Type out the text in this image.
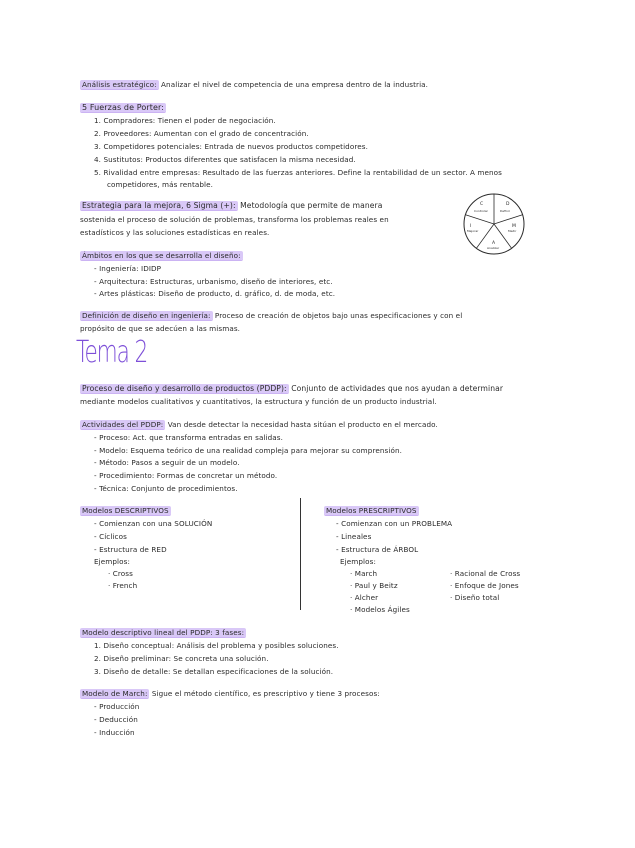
Análisis estratégico: Analizar el nivel de competencia de una empresa dentro de la industria.
5 Fuerzas de Porter:
1. Compradores: Tienen el poder de negociación.
2. Proveedores: Aumentan con el grado de concentración.
3. Competidores potenciales: Entrada de nuevos productos competidores.
4. Sustitutos: Productos diferentes que satisfacen la misma necesidad.
5. Rivalidad entre empresas: Resultado de las fuerzas anteriores. Define la rentabilidad de un sector. A menos
competidores, más rentable.
Estrategia para la mejora, 6 Sigma (+): Metodología que permite de manera
sostenida el proceso de solución de problemas, transforma los problemas reales en
estadísticos y las soluciones estadísticas en reales.
D
Definir
M
Medir
A
Analizar
I
Mejorar
C
Controlar
Ámbitos en los que se desarrolla el diseño:
- Ingeniería: IDIDP
- Arquitectura: Estructuras, urbanismo, diseño de interiores, etc.
- Artes plásticas: Diseño de producto, d. gráfico, d. de moda, etc.
Definición de diseño en ingeniería: Proceso de creación de objetos bajo unas especificaciones y con el
propósito de que se adecúen a las mismas.
Tema 2
Proceso de diseño y desarrollo de productos (PDDP): Conjunto de actividades que nos ayudan a determinar
mediante modelos cualitativos y cuantitativos, la estructura y función de un producto industrial.
Actividades del PDDP: Van desde detectar la necesidad hasta sitúan el producto en el mercado.
- Proceso: Act. que transforma entradas en salidas.
- Modelo: Esquema teórico de una realidad compleja para mejorar su comprensión.
- Método: Pasos a seguir de un modelo.
- Procedimiento: Formas de concretar un método.
- Técnica: Conjunto de procedimientos.
Modelos DESCRIPTIVOS
- Comienzan con una SOLUCIÓN
- Cíclicos
- Estructura de RED
Ejemplos:
· Cross
· French
Modelos PRESCRIPTIVOS
- Comienzan con un PROBLEMA
- Lineales
- Estructura de ÁRBOL
Ejemplos:
· March
· Paul y Beitz
· Alcher
· Modelos Ágiles
· Racional de Cross
· Enfoque de Jones
· Diseño total
Modelo descriptivo lineal del PDDP: 3 fases:
1. Diseño conceptual: Análisis del problema y posibles soluciones.
2. Diseño preliminar: Se concreta una solución.
3. Diseño de detalle: Se detallan especificaciones de la solución.
Modelo de March: Sigue el método científico, es prescriptivo y tiene 3 procesos:
- Producción
- Deducción
- Inducción
